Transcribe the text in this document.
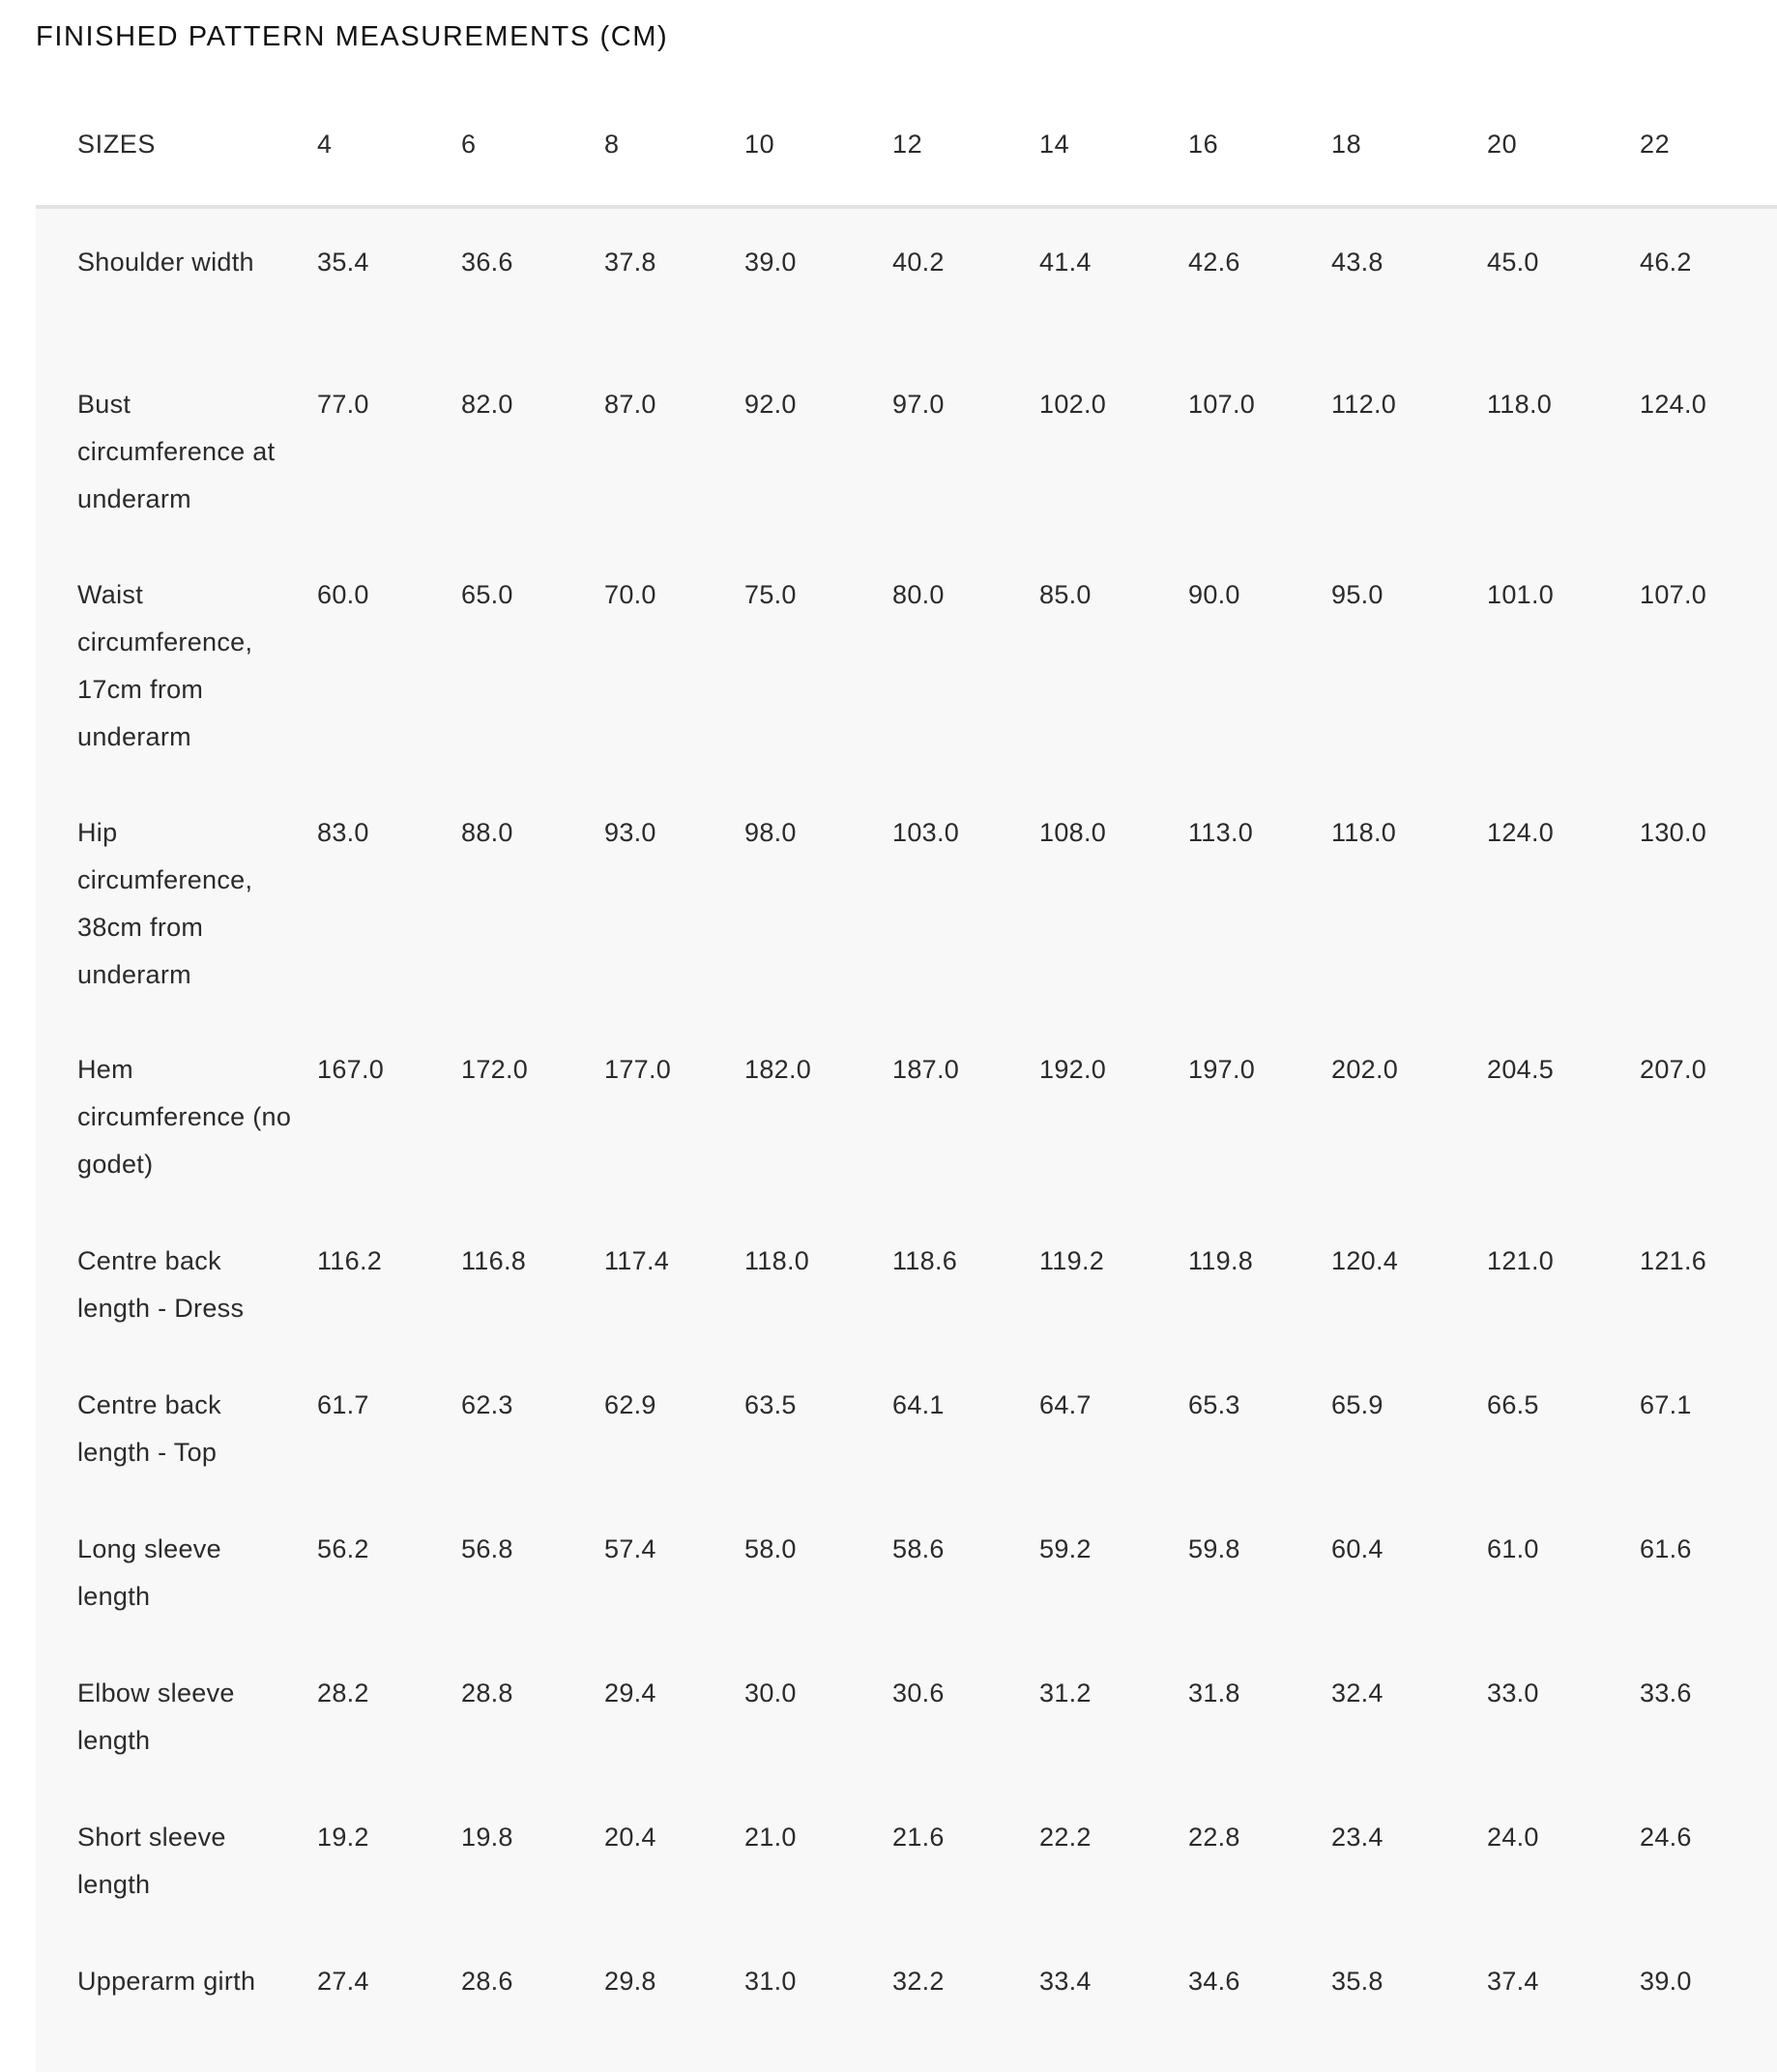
FINISHED PATTERN MEASUREMENTS (CM)
SIZES	4	6	8	10	12	14	16	18	20	22
Shoulder width	35.4	36.6	37.8	39.0	40.2	41.4	42.6	43.8	45.0	46.2
Bust circumference at underarm	77.0	82.0	87.0	92.0	97.0	102.0	107.0	112.0	118.0	124.0
Waist circumference, 17cm from underarm	60.0	65.0	70.0	75.0	80.0	85.0	90.0	95.0	101.0	107.0
Hip circumference, 38cm from underarm	83.0	88.0	93.0	98.0	103.0	108.0	113.0	118.0	124.0	130.0
Hem circumference (no godet)	167.0	172.0	177.0	182.0	187.0	192.0	197.0	202.0	204.5	207.0
Centre back length - Dress	116.2	116.8	117.4	118.0	118.6	119.2	119.8	120.4	121.0	121.6
Centre back length - Top	61.7	62.3	62.9	63.5	64.1	64.7	65.3	65.9	66.5	67.1
Long sleeve length	56.2	56.8	57.4	58.0	58.6	59.2	59.8	60.4	61.0	61.6
Elbow sleeve length	28.2	28.8	29.4	30.0	30.6	31.2	31.8	32.4	33.0	33.6
Short sleeve length	19.2	19.8	20.4	21.0	21.6	22.2	22.8	23.4	24.0	24.6
Upperarm girth	27.4	28.6	29.8	31.0	32.2	33.4	34.6	35.8	37.4	39.0
